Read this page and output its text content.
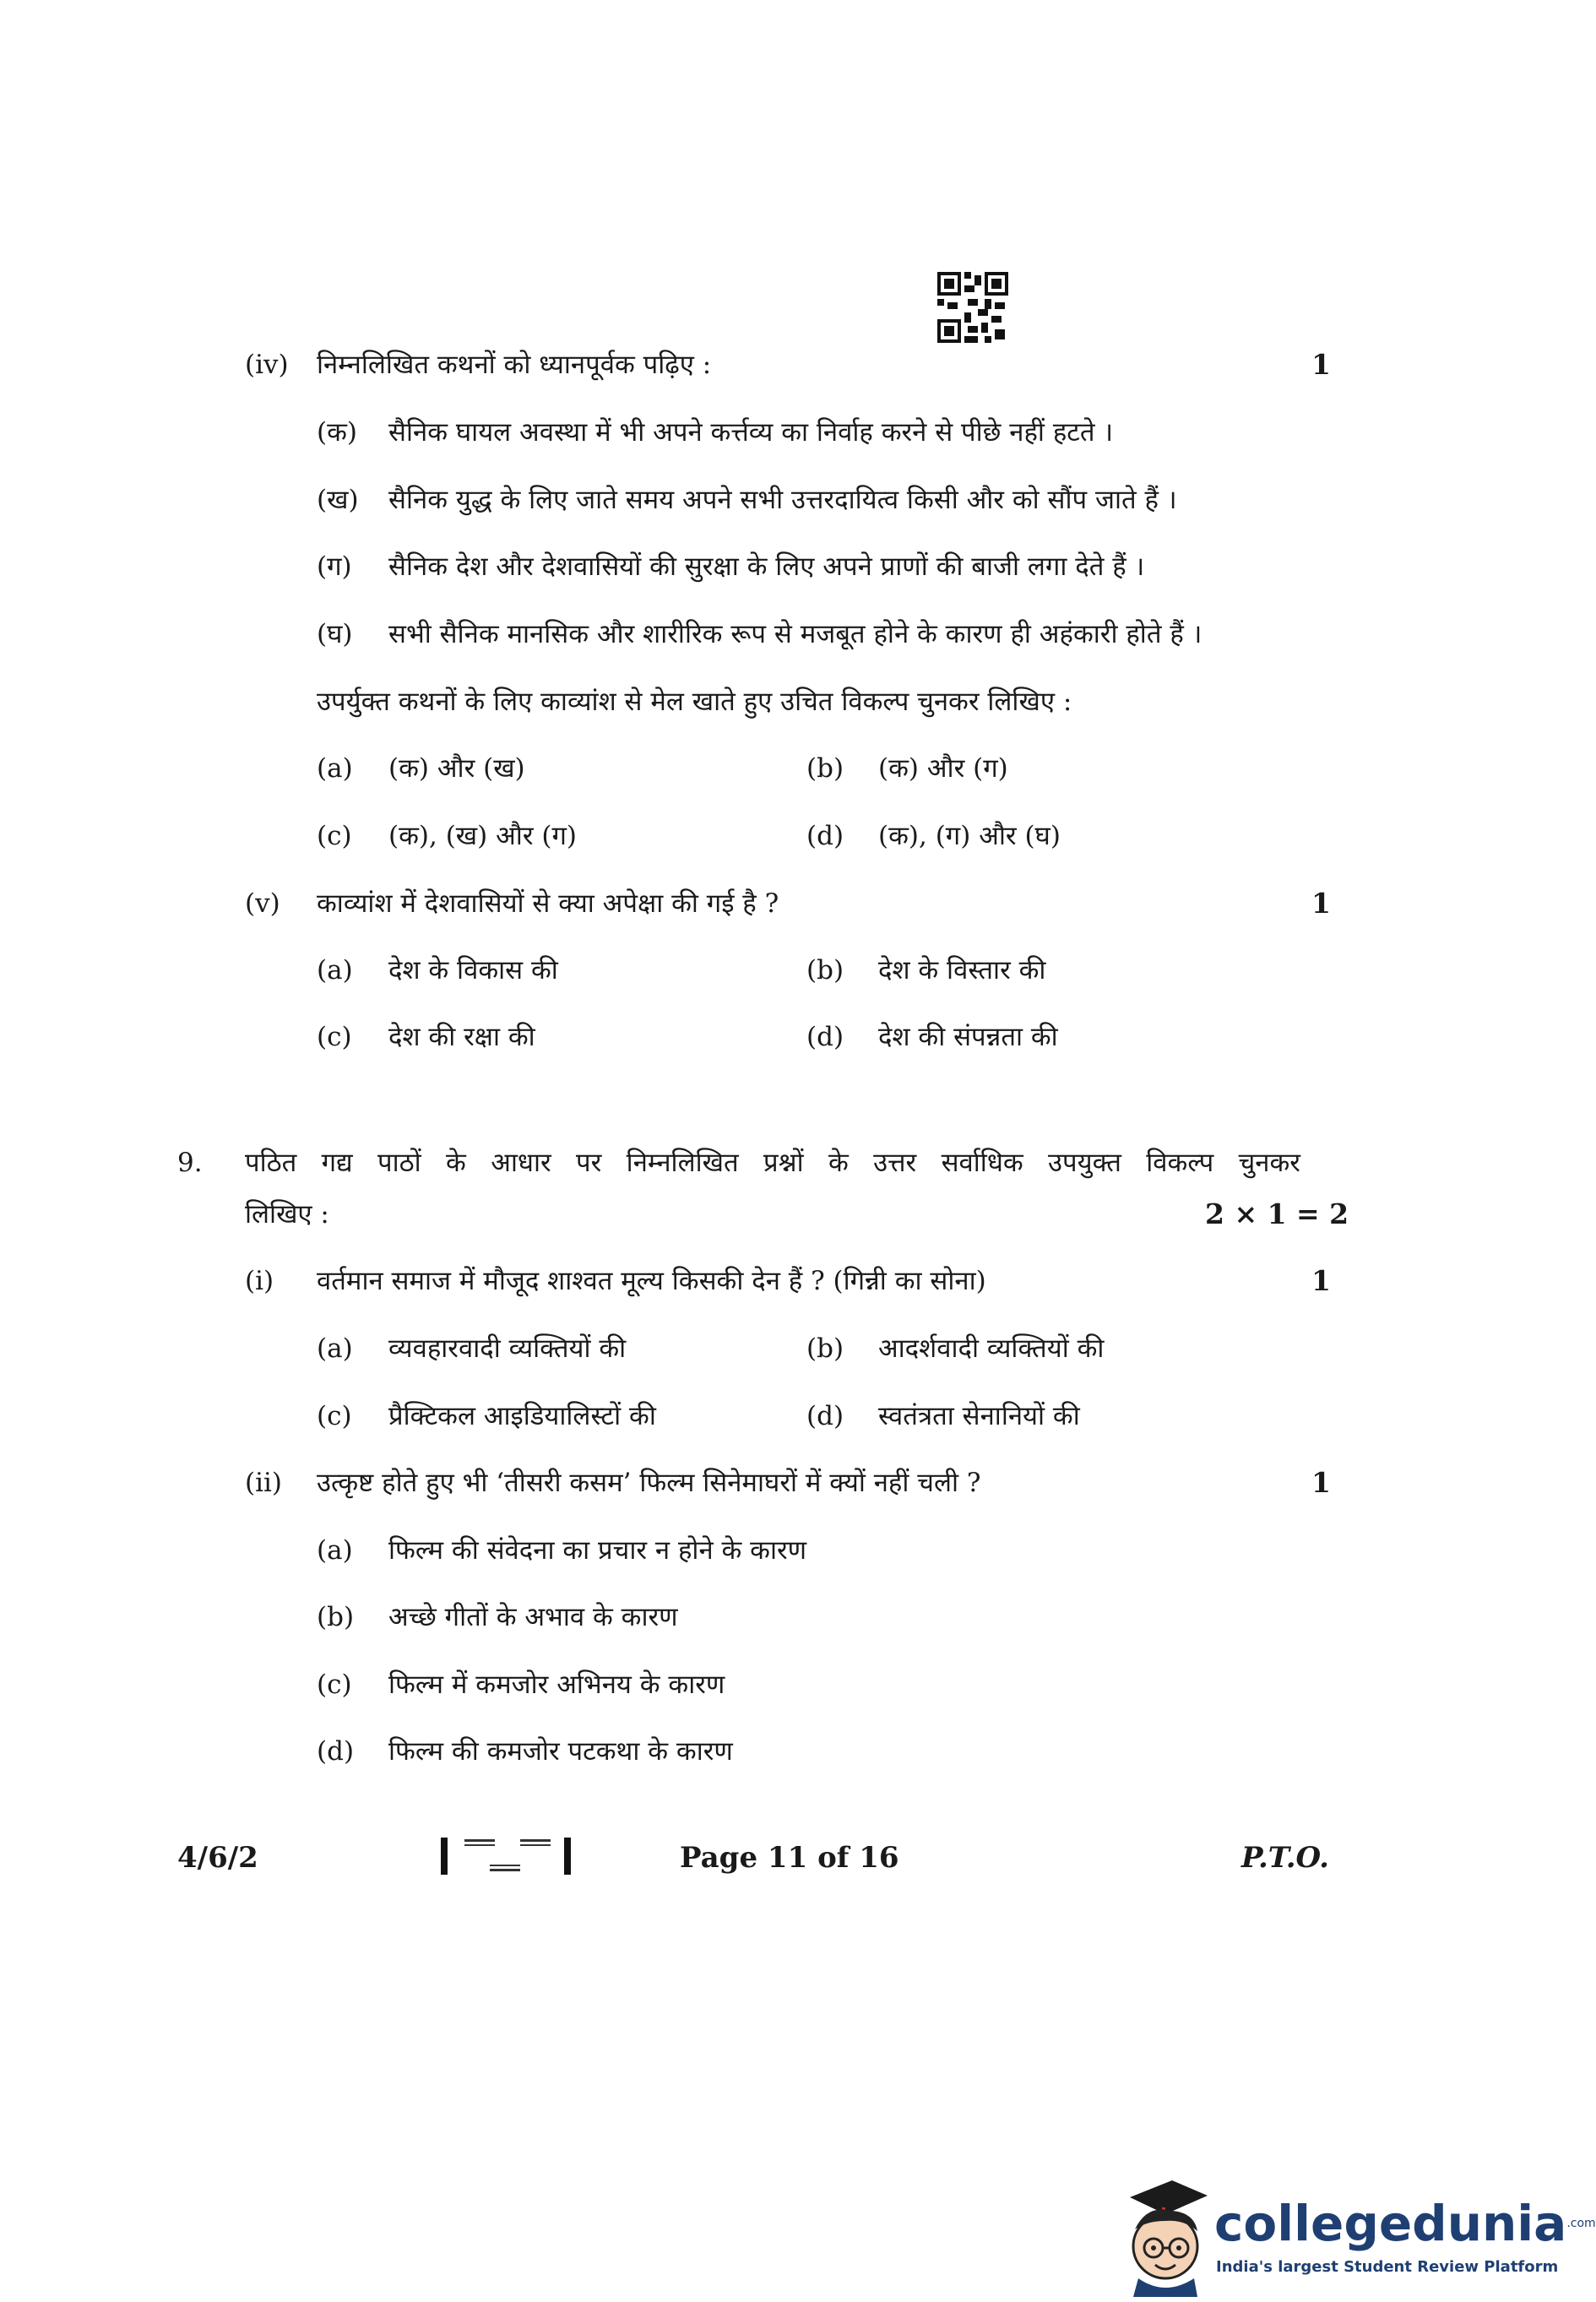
(iv) निम्नलिखित कथनों को ध्यानपूर्वक पढ़िए :	1
(क) सैनिक घायल अवस्था में भी अपने कर्त्तव्य का निर्वाह करने से पीछे नहीं हटते ।
(ख) सैनिक युद्ध के लिए जाते समय अपने सभी उत्तरदायित्व किसी और को सौंप जाते हैं ।
(ग) सैनिक देश और देशवासियों की सुरक्षा के लिए अपने प्राणों की बाजी लगा देते हैं ।
(घ) सभी सैनिक मानसिक और शारीरिक रूप से मजबूत होने के कारण ही अहंकारी होते हैं ।
उपर्युक्त कथनों के लिए काव्यांश से मेल खाते हुए उचित विकल्प चुनकर लिखिए :
(a) (क) और (ख)	(b) (क) और (ग)
(c) (क), (ख) और (ग)	(d) (क), (ग) और (घ)
(v) काव्यांश में देशवासियों से क्या अपेक्षा की गई है ?	1
(a) देश के विकास की	(b) देश के विस्तार की
(c) देश की रक्षा की	(d) देश की संपन्नता की
9. पठित गद्य पाठों के आधार पर निम्नलिखित प्रश्नों के उत्तर सर्वाधिक उपयुक्त विकल्प चुनकर
लिखिए :	2 × 1 = 2
(i) वर्तमान समाज में मौजूद शाश्वत मूल्य किसकी देन हैं ? (गिन्नी का सोना)	1
(a) व्यवहारवादी व्यक्तियों की	(b) आदर्शवादी व्यक्तियों की
(c) प्रैक्टिकल आइडियालिस्टों की	(d) स्वतंत्रता सेनानियों की
(ii) उत्कृष्ट होते हुए भी ‘तीसरी कसम’ फिल्म सिनेमाघरों में क्यों नहीं चली ?	1
(a) फिल्म की संवेदना का प्रचार न होने के कारण
(b) अच्छे गीतों के अभाव के कारण
(c) फिल्म में कमजोर अभिनय के कारण
(d) फिल्म की कमजोर पटकथा के कारण
4/6/2	Page 11 of 16	P.T.O.
collegedunia$^{.com}$
India's largest Student Review Platform
